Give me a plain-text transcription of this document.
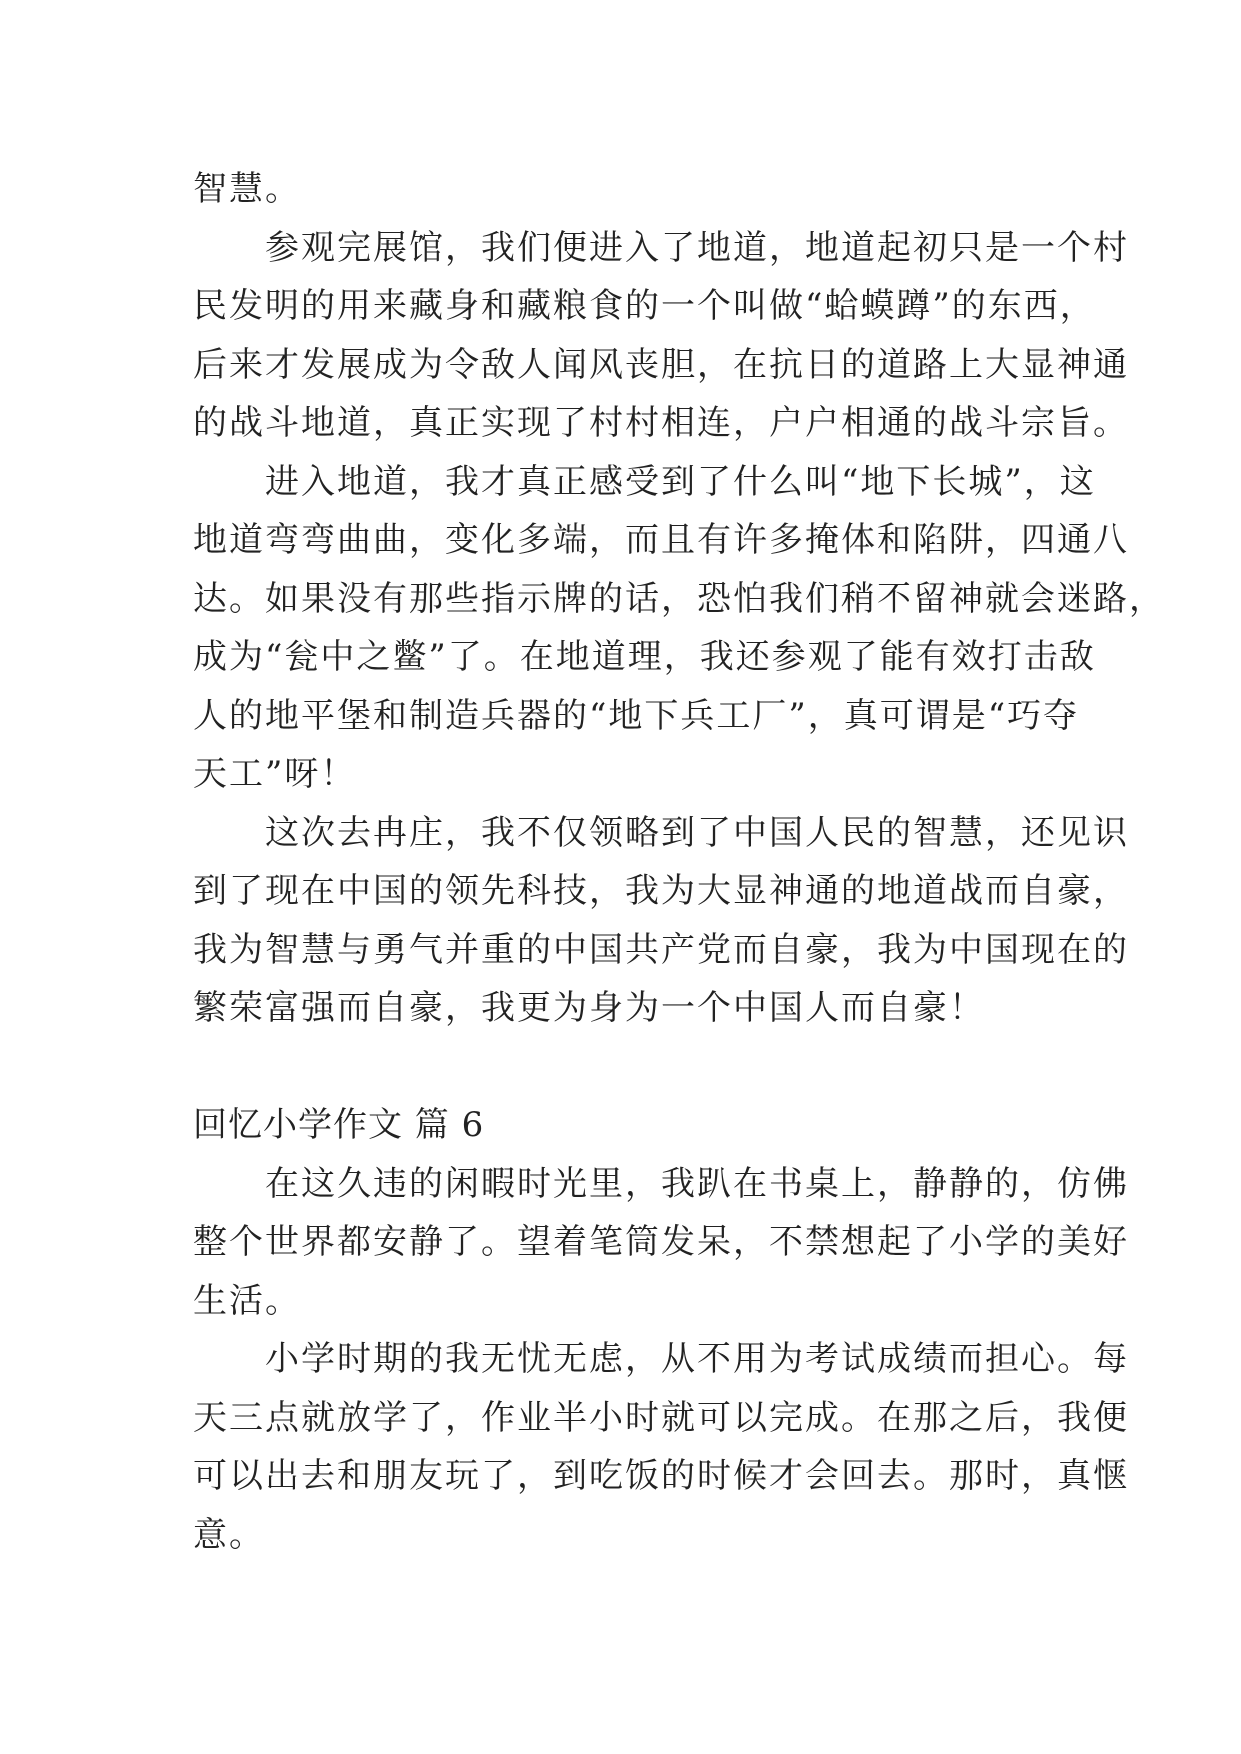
智慧。
参观完展馆，我们便进入了地道，地道起初只是一个村
民发明的用来藏身和藏粮食的一个叫做“蛤蟆蹲”的东西，
后来才发展成为令敌人闻风丧胆，在抗日的道路上大显神通
的战斗地道，真正实现了村村相连，户户相通的战斗宗旨。
进入地道，我才真正感受到了什么叫“地下长城”，这
地道弯弯曲曲，变化多端，而且有许多掩体和陷阱，四通八
达。如果没有那些指示牌的话，恐怕我们稍不留神就会迷路，
成为“瓮中之鳖”了。在地道理，我还参观了能有效打击敌
人的地平堡和制造兵器的“地下兵工厂”，真可谓是“巧夺
天工”呀！
这次去冉庄，我不仅领略到了中国人民的智慧，还见识
到了现在中国的领先科技，我为大显神通的地道战而自豪，
我为智慧与勇气并重的中国共产党而自豪，我为中国现在的
繁荣富强而自豪，我更为身为一个中国人而自豪！
回忆小学作文 篇 6
在这久违的闲暇时光里，我趴在书桌上，静静的，仿佛
整个世界都安静了。望着笔筒发呆，不禁想起了小学的美好
生活。
小学时期的我无忧无虑，从不用为考试成绩而担心。每
天三点就放学了，作业半小时就可以完成。在那之后，我便
可以出去和朋友玩了，到吃饭的时候才会回去。那时，真惬
意。
